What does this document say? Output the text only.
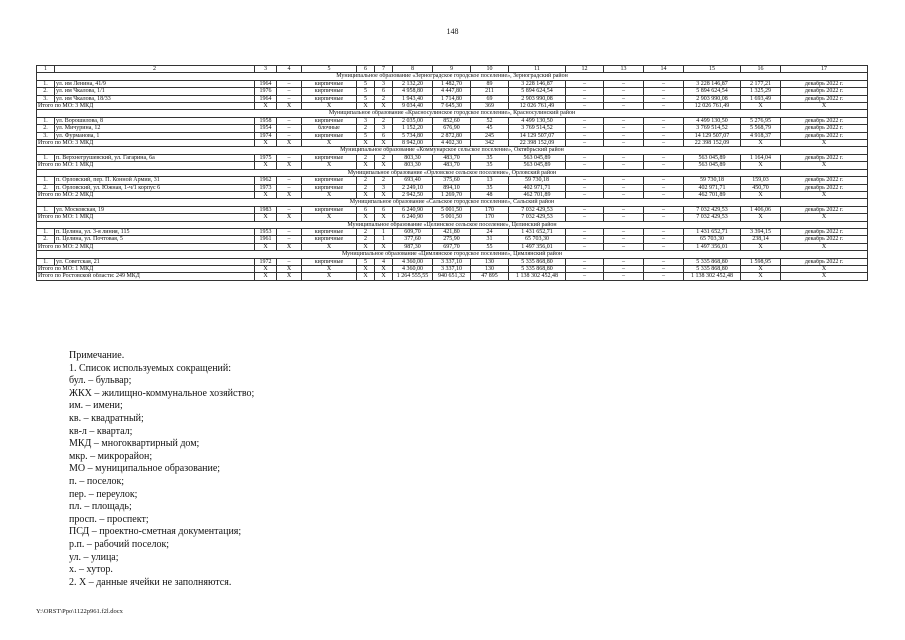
148
1	2	3	4	5	6	7	8	9	10	11	12	13	14	15	16	17
Муниципальное образование «Зерноградское городское поселение», Зерноградский район																
1.	ул. им Ленина, 41/9	1964	–	кирпичные	5	3	2 132,20	1 482,70	89	3 228 146,87	–	–	–	3 228 146,87	2 177,21	декабрь 2022 г.
2.	ул. им Чкалова, 1/1	1976	–	кирпичные	5	6	4 958,80	4 447,80	211	5 894 624,54	–	–	–	5 894 624,54	1 325,29	декабрь 2022 г.
3.	ул. им Чкалова, 18/33	1964	–	кирпичные	5	2	1 943,40	1 714,80	69	2 903 990,08	–	–	–	2 903 990,08	1 693,49	декабрь 2022 г.
Итого по МО: 3 МКД		X	X	X	X	X	9 034,40	7 645,30	369	12 026 761,49	–	–	–	12 026 761,49	X	X
Муниципальное образование «Красносулинское городское поселение», Красносулинский район																
1.	ул. Ворошилова, 8	1958	–	кирпичные	3	2	2 035,00	852,60	52	4 499 130,50	–	–	–	4 499 130,50	5 276,95	декабрь 2022 г.
2.	ул. Мичурина, 12	1954	–	блочные	2	3	1 152,20	676,90	45	3 769 514,52	–	–	–	3 769 514,52	5 568,79	декабрь 2022 г.
3.	ул. Фурманова, 1	1974	–	кирпичные	5	6	5 734,80	2 872,80	245	14 129 507,07	–	–	–	14 129 507,07	4 918,37	декабрь 2022 г.
Итого по МО: 3 МКД		X	X	X	X	X	8 942,00	4 402,30	342	22 398 152,09	–	–	–	22 398 152,09	X	X
Муниципальное образование «Коммунарское сельское поселение», Октябрьский район																
1.	п. Верхнегрушевский, ул. Гагарина, 6а	1975	–	кирпичные	2	2	803,30	483,70	35	563 045,89	–	–	–	563 045,89	1 164,04	декабрь 2022 г.
Итого по МО: 1 МКД		X	X	X	X	X	803,30	483,70	35	563 045,89	–	–	–	563 045,89	X	X
Муниципальное образование «Орловское сельское поселение», Орловский район																
1.	п. Орловский, пер. П. Конной Армии, 31	1962	–	кирпичные	2	2	693,40	375,60	13	59 730,18	–	–	–	59 730,18	159,03	декабрь 2022 г.
2.	п. Орловский, ул. Южная, 1-ч/1 корпус 6	1973	–	кирпичные	2	3	2 249,10	894,10	35	402 971,71	–	–	–	402 971,71	450,70	декабрь 2022 г.
Итого по МО: 2 МКД		X	X	X	X	X	2 942,50	1 269,70	48	462 701,89	–	–	–	462 701,89	X	X
Муниципальное образование «Сальское городское поселение», Сальский район																
1.	ул. Московская, 19	1983	–	кирпичные	6	6	6 240,90	5 001,50	170	7 032 429,53	–	–	–	7 032 429,53	1 406,06	декабрь 2022 г.
Итого по МО: 1 МКД		X	X	X	X	X	6 240,90	5 001,50	170	7 032 429,53	–	–	–	7 032 429,53	X	X
Муниципальное образование «Целинское сельское поселение», Целинский район																
1.	п. Целина, ул. 3-я линия, 115	1953	–	кирпичные	2	1	609,70	421,80	24	1 431 652,71	–	–	–	1 431 652,71	3 394,15	декабрь 2022 г.
2.	п. Целина, ул. Почтовая, 5	1961	–	кирпичные	2	1	377,60	275,90	31	65 703,30	–	–	–	65 703,30	238,14	декабрь 2022 г.
Итого по МО: 2 МКД		X	X	X	X	X	987,30	697,70	55	1 497 356,01	–	–	–	1 497 356,01	X	X
Муниципальное образование «Цимлянское городское поселение», Цимлянский район																
1.	ул. Советская, 21	1972	–	кирпичные	5	4	4 360,00	3 337,10	130	5 335 868,80	–	–	–	5 335 868,80	1 598,95	декабрь 2022 г.
Итого по МО: 1 МКД		X	X	X	X	X	4 360,00	3 337,10	130	5 335 868,80	–	–	–	5 335 868,80	X	X
Итого по Ростовской области: 249 МКД		X	X	X	X	X	1 264 555,55	940 651,32	47 895	1 138 302 452,48	–	–	–	1 138 302 452,48	X	X
Примечание.
1. Список используемых сокращений:
бул. – бульвар;
ЖКХ – жилищно-коммунальное хозяйство;
им. – имени;
кв. – квадратный;
кв-л – квартал;
МКД – многоквартирный дом;
мкр. – микрорайон;
МО – муниципальное образование;
п. – поселок;
пер. – переулок;
пл. – площадь;
просп. – проспект;
ПСД – проектно-сметная документация;
р.п. – рабочий поселок;
ул. – улица;
х. – хутор.
2. X – данные ячейки не заполняются.
Y:\ORST\Ppo\1122p961.f2l.docx
